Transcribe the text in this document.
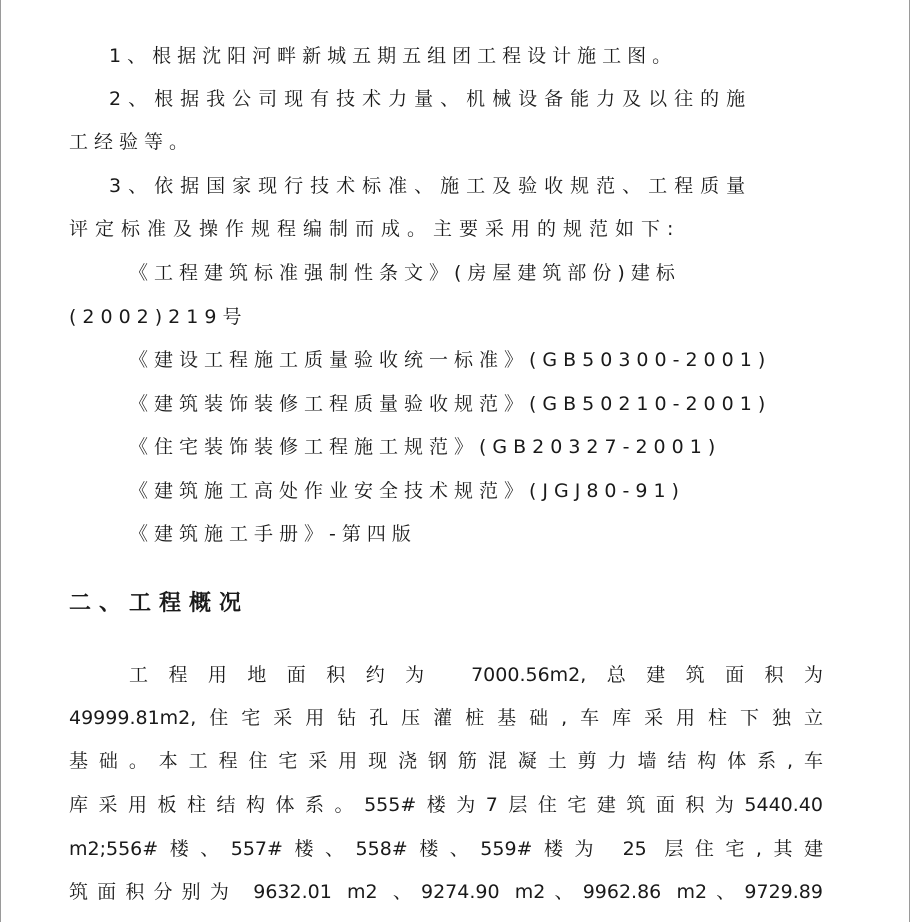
1、根据沈阳河畔新城五期五组团工程设计施工图。
2、根据我公司现有技术力量、机械设备能力及以往的施
工经验等。
3、依据国家现行技术标准、施工及验收规范、工程质量
评定标准及操作规程编制而成。主要采用的规范如下:
《工程建筑标准强制性条文》(房屋建筑部份)建标
(2002)219号
《建设工程施工质量验收统一标准》(GB50300-2001)
《建筑装饰装修工程质量验收规范》(GB50210-2001)
《住宅装饰装修工程施工规范》(GB20327-2001)
《建筑施工高处作业安全技术规范》(JGJ80-91)
《建筑施工手册》-第四版
二、工程概况
工程用地面积约为 7000.56m2,总建筑面积为
49999.81m2,住宅采用钻孔压灌桩基础,车库采用柱下独立
基础。本工程住宅采用现浇钢筋混凝土剪力墙结构体系,车
库采用板柱结构体系。555#楼为7层住宅建筑面积为5440.40
m2;556#楼、557#楼、558#楼、559#楼为 25 层住宅,其建
筑面积分别为 9632.01 m2 、9274.90 m2、9962.86 m2、9729.89
